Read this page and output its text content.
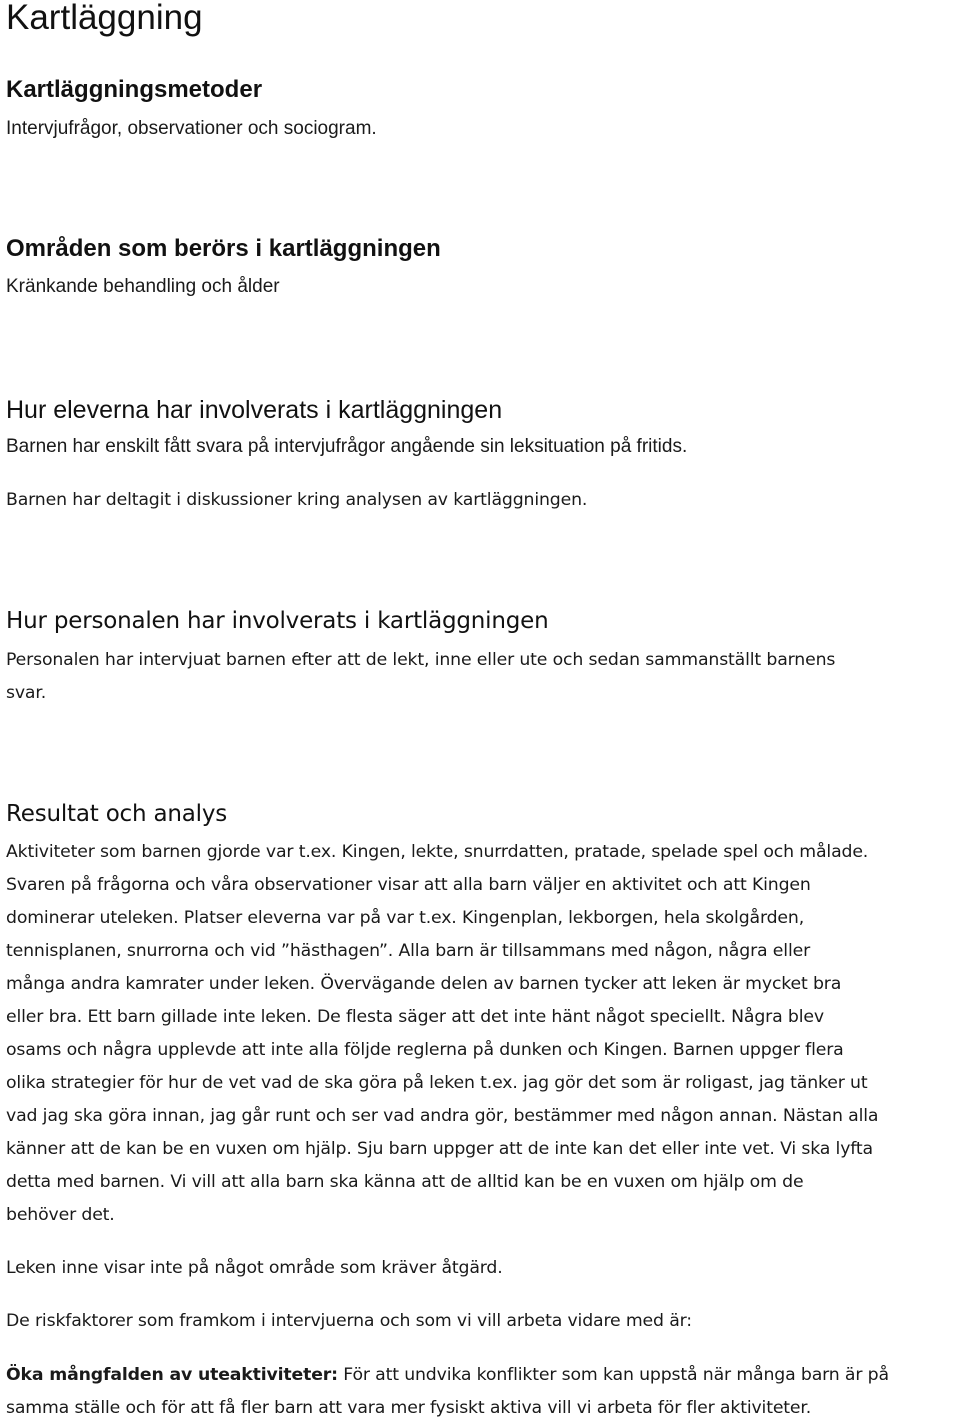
Kartläggning
Kartläggningsmetoder

Intervjufrågor, observationer och sociogram.

Områden som berörs i kartläggningen

Kränkande behandling och ålder

Hur eleverna har involverats i kartläggningen

Barnen har enskilt fått svara på intervjufrågor angående sin leksituation på fritids.

Barnen har deltagit i diskussioner kring analysen av kartläggningen.

Hur personalen har involverats i kartläggningen

Personalen har intervjuat barnen efter att de lekt, inne eller ute och sedan sammanställt barnens

svar.

Resultat och analys

Aktiviteter som barnen gjorde var t.ex. Kingen, lekte, snurrdatten, pratade, spelade spel och målade.

Svaren på frågorna och våra observationer visar att alla barn väljer en aktivitet och att Kingen

dominerar uteleken. Platser eleverna var på var t.ex. Kingenplan, lekborgen, hela skolgården,

tennisplanen, snurrorna och vid ”hästhagen”. Alla barn är tillsammans med någon, några eller

många andra kamrater under leken. Övervägande delen av barnen tycker att leken är mycket bra

eller bra. Ett barn gillade inte leken. De flesta säger att det inte hänt något speciellt. Några blev

osams och några upplevde att inte alla följde reglerna på dunken och Kingen. Barnen uppger flera

olika strategier för hur de vet vad de ska göra på leken t.ex. jag gör det som är roligast, jag tänker ut

vad jag ska göra innan, jag går runt och ser vad andra gör, bestämmer med någon annan. Nästan alla

känner att de kan be en vuxen om hjälp. Sju barn uppger att de inte kan det eller inte vet. Vi ska lyfta

detta med barnen. Vi vill att alla barn ska känna att de alltid kan be en vuxen om hjälp om de

behöver det.

Leken inne visar inte på något område som kräver åtgärd.

De riskfaktorer som framkom i intervjuerna och som vi vill arbeta vidare med är:

Öka mångfalden av uteaktiviteter: För att undvika konflikter som kan uppstå när många barn är på

samma ställe och för att få fler barn att vara mer fysiskt aktiva vill vi arbeta för fler aktiviteter.
